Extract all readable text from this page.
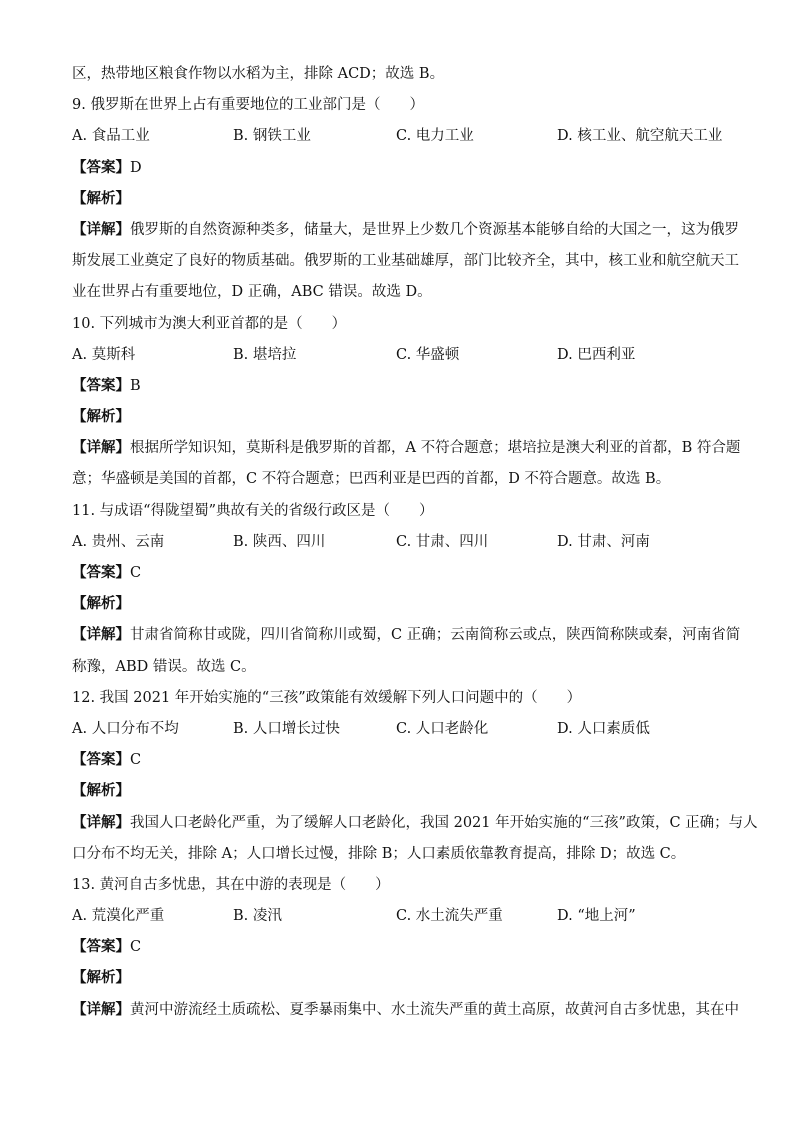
区，热带地区粮食作物以水稻为主，排除 ACD；故选 B。
9. 俄罗斯在世界上占有重要地位的工业部门是（　　）
A. 食品工业	B. 钢铁工业	C. 电力工业	D. 核工业、航空航天工业
【答案】D
【解析】
【详解】俄罗斯的自然资源种类多，储量大，是世界上少数几个资源基本能够自给的大国之一，这为俄罗
斯发展工业奠定了良好的物质基础。俄罗斯的工业基础雄厚，部门比较齐全，其中，核工业和航空航天工
业在世界占有重要地位，D 正确，ABC 错误。故选 D。
10. 下列城市为澳大利亚首都的是（　　）
A. 莫斯科	B. 堪培拉	C. 华盛顿	D. 巴西利亚
【答案】B
【解析】
【详解】根据所学知识知，莫斯科是俄罗斯的首都，A 不符合题意；堪培拉是澳大利亚的首都，B 符合题
意；华盛顿是美国的首都，C 不符合题意；巴西利亚是巴西的首都，D 不符合题意。故选 B。
11. 与成语“得陇望蜀”典故有关的省级行政区是（　　）
A. 贵州、云南	B. 陕西、四川	C. 甘肃、四川	D. 甘肃、河南
【答案】C
【解析】
【详解】甘肃省简称甘或陇，四川省简称川或蜀，C 正确；云南简称云或点，陕西简称陕或秦，河南省简
称豫，ABD 错误。故选 C。
12. 我国 2021 年开始实施的“三孩”政策能有效缓解下列人口问题中的（　　）
A. 人口分布不均	B. 人口增长过快	C. 人口老龄化	D. 人口素质低
【答案】C
【解析】
【详解】我国人口老龄化严重，为了缓解人口老龄化，我国 2021 年开始实施的“三孩”政策，C 正确；与人
口分布不均无关，排除 A；人口增长过慢，排除 B；人口素质依靠教育提高，排除 D；故选 C。
13. 黄河自古多忧患，其在中游的表现是（　　）
A. 荒漠化严重	B. 凌汛	C. 水土流失严重	D. “地上河”
【答案】C
【解析】
【详解】黄河中游流经土质疏松、夏季暴雨集中、水土流失严重的黄土高原，故黄河自古多忧患，其在中
